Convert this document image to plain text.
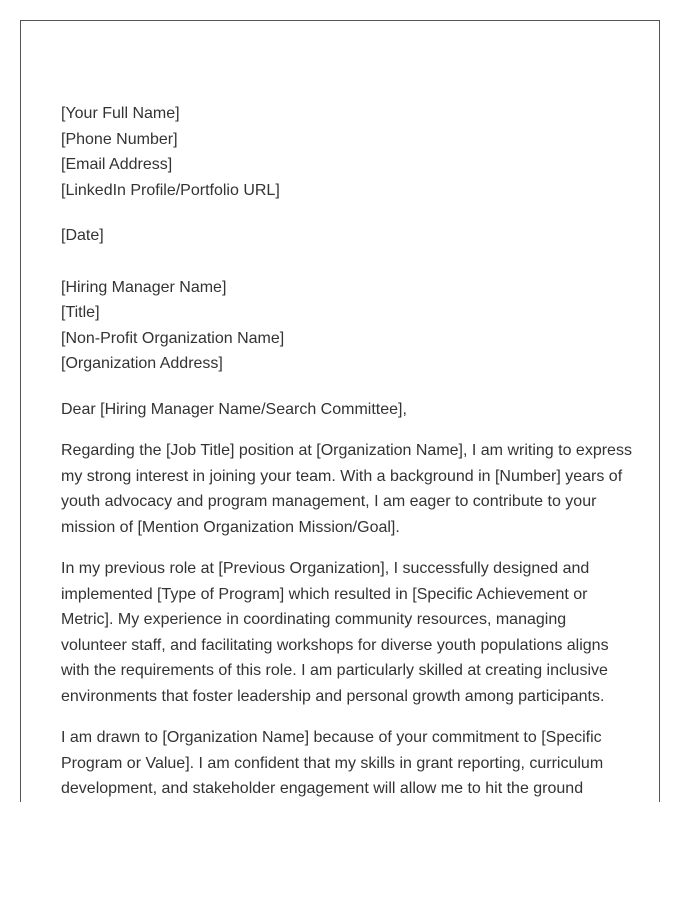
[Your Full Name]
[Phone Number]
[Email Address]
[LinkedIn Profile/Portfolio URL]
[Date]
[Hiring Manager Name]
[Title]
[Non-Profit Organization Name]
[Organization Address]
Dear [Hiring Manager Name/Search Committee],

Regarding the [Job Title] position at [Organization Name], I am writing to express my strong interest in joining your team. With a background in [Number] years of youth advocacy and program management, I am eager to contribute to your mission of [Mention Organization Mission/Goal].

In my previous role at [Previous Organization], I successfully designed and implemented [Type of Program] which resulted in [Specific Achievement or Metric]. My experience in coordinating community resources, managing volunteer staff, and facilitating workshops for diverse youth populations aligns with the requirements of this role. I am particularly skilled at creating inclusive environments that foster leadership and personal growth among participants.

I am drawn to [Organization Name] because of your commitment to [Specific Program or Value]. I am confident that my skills in grant reporting, curriculum development, and stakeholder engagement will allow me to hit the ground
